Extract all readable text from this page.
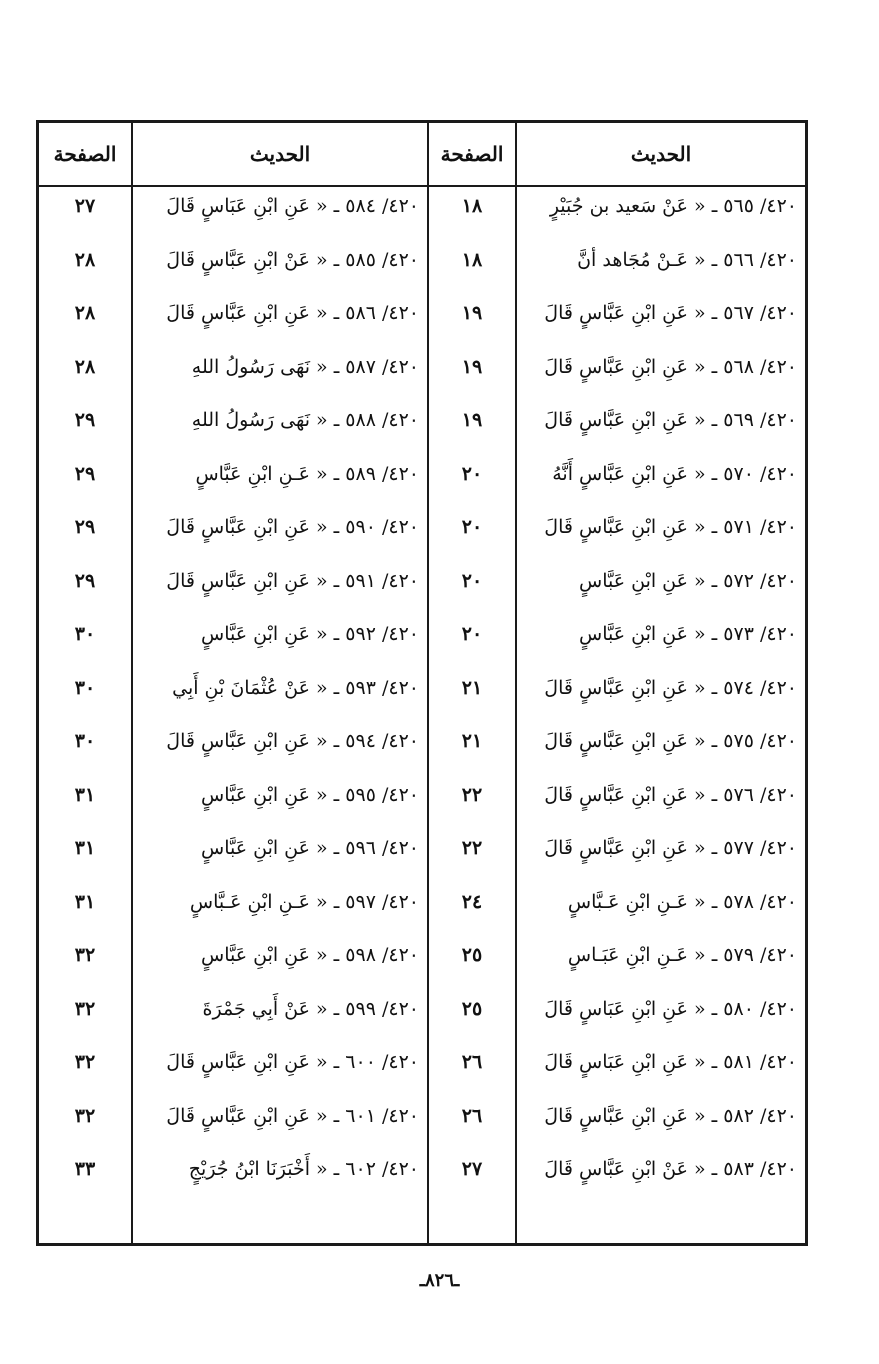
الحديث
الصفحة
الحديث
الصفحة
٤٢٠/ ٥٦٥ ـ « عَنْ سَعيد بن جُبَيْرٍ
١٨
٤٢٠/ ٥٦٦ ـ « عَـنْ مُجَاهد أنَّ
١٨
٤٢٠/ ٥٦٧ ـ « عَنِ ابْنِ عَبَّاسٍ قَالَ
١٩
٤٢٠/ ٥٦٨ ـ « عَنِ ابْنِ عَبَّاسٍ قَالَ
١٩
٤٢٠/ ٥٦٩ ـ « عَنِ ابْنِ عَبَّاسٍ قَالَ
١٩
٤٢٠/ ٥٧٠ ـ « عَنِ ابْنِ عَبَّاسٍ أَنَّهُ
٢٠
٤٢٠/ ٥٧١ ـ « عَنِ ابْنِ عَبَّاسٍ قَالَ
٢٠
٤٢٠/ ٥٧٢ ـ « عَنِ ابْنِ عَبَّاسٍ
٢٠
٤٢٠/ ٥٧٣ ـ « عَنِ ابْنِ عَبَّاسٍ
٢٠
٤٢٠/ ٥٧٤ ـ « عَنِ ابْنِ عَبَّاسٍ قَالَ
٢١
٤٢٠/ ٥٧٥ ـ « عَنِ ابْنِ عَبَّاسٍ قَالَ
٢١
٤٢٠/ ٥٧٦ ـ « عَنِ ابْنِ عَبَّاسٍ قَالَ
٢٢
٤٢٠/ ٥٧٧ ـ « عَنِ ابْنِ عَبَّاسٍ قَالَ
٢٢
٤٢٠/ ٥٧٨ ـ « عَـنِ ابْنِ عَـبَّاسٍ
٢٤
٤٢٠/ ٥٧٩ ـ « عَـنِ ابْنِ عَبَـاسٍ
٢٥
٤٢٠/ ٥٨٠ ـ « عَنِ ابْنِ عَبَاسٍ قَالَ
٢٥
٤٢٠/ ٥٨١ ـ « عَنِ ابْنِ عَبَاسٍ قَالَ
٢٦
٤٢٠/ ٥٨٢ ـ « عَنِ ابْنِ عَبَّاسٍ قَالَ
٢٦
٤٢٠/ ٥٨٣ ـ « عَنْ ابْنِ عَبَّاسٍ قَالَ
٢٧
٤٢٠/ ٥٨٤ ـ « عَنِ ابْنِ عَبَاسٍ قَالَ
٢٧
٤٢٠/ ٥٨٥ ـ « عَنْ ابْنِ عَبَّاسٍ قَالَ
٢٨
٤٢٠/ ٥٨٦ ـ « عَنِ ابْنِ عَبَّاسٍ قَالَ
٢٨
٤٢٠/ ٥٨٧ ـ « نَهَى رَسُولُ اللهِ
٢٨
٤٢٠/ ٥٨٨ ـ « نَهَى رَسُولُ اللهِ
٢٩
٤٢٠/ ٥٨٩ ـ « عَـنِ ابْنِ عَبَّاسٍ
٢٩
٤٢٠/ ٥٩٠ ـ « عَنِ ابْنِ عَبَّاسٍ قَالَ
٢٩
٤٢٠/ ٥٩١ ـ « عَنِ ابْنِ عَبَّاسٍ قَالَ
٢٩
٤٢٠/ ٥٩٢ ـ « عَنِ ابْنِ عَبَّاسٍ
٣٠
٤٢٠/ ٥٩٣ ـ « عَنْ عُثْمَانَ بْنِ أَبِي
٣٠
٤٢٠/ ٥٩٤ ـ « عَنِ ابْنِ عَبَّاسٍ قَالَ
٣٠
٤٢٠/ ٥٩٥ ـ « عَنِ ابْنِ عَبَّاسٍ
٣١
٤٢٠/ ٥٩٦ ـ « عَنِ ابْنِ عَبَّاسٍ
٣١
٤٢٠/ ٥٩٧ ـ « عَـنِ ابْنِ عَـبَّاسٍ
٣١
٤٢٠/ ٥٩٨ ـ « عَنِ ابْنِ عَبَّاسٍ
٣٢
٤٢٠/ ٥٩٩ ـ « عَنْ أَبِي جَمْرَةَ
٣٢
٤٢٠/ ٦٠٠ ـ « عَنِ ابْنِ عَبَّاسٍ قَالَ
٣٢
٤٢٠/ ٦٠١ ـ « عَنِ ابْنِ عَبَّاسٍ قَالَ
٣٢
٤٢٠/ ٦٠٢ ـ « أَخْبَرَنَا ابْنُ جُرَيْجٍ
٣٣
ـ٨٢٦ـ
